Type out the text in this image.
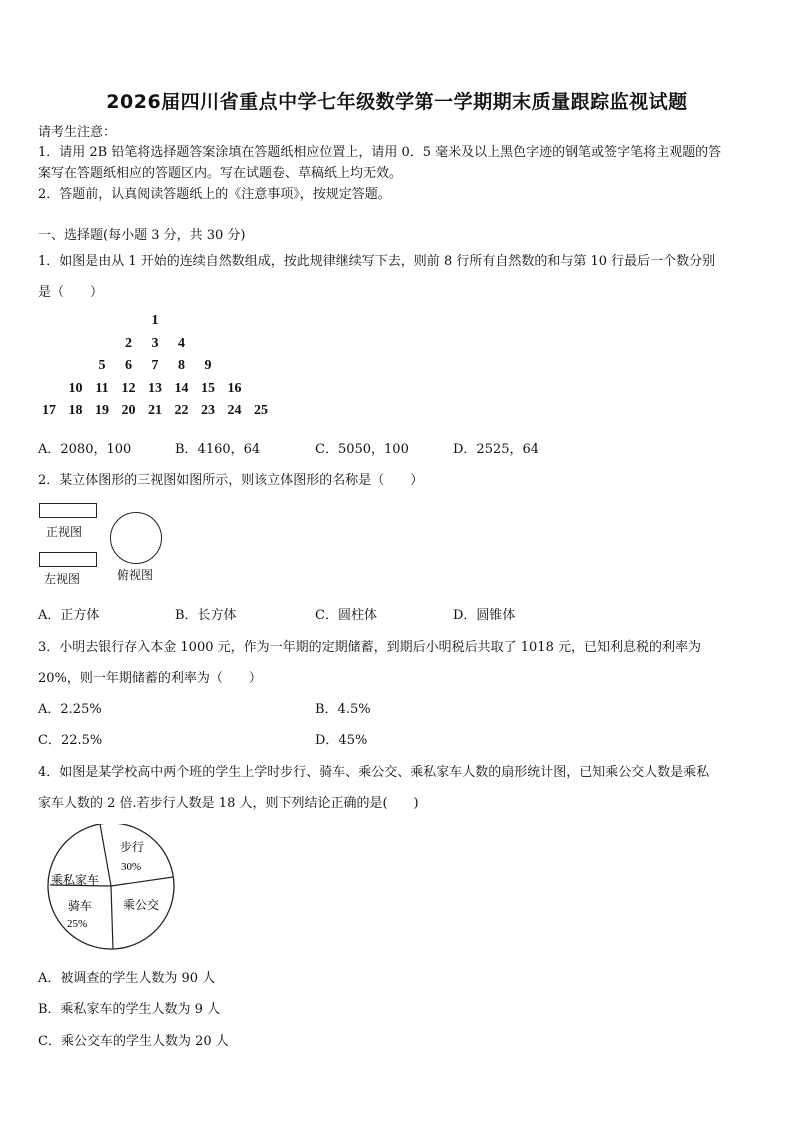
2026届四川省重点中学七年级数学第一学期期末质量跟踪监视试题
请考生注意：
1．请用 2B 铅笔将选择题答案涂填在答题纸相应位置上，请用 0．5 毫米及以上黑色字迹的钢笔或签字笔将主观题的答
案写在答题纸相应的答题区内。写在试题卷、草稿纸上均无效。
2．答题前，认真阅读答题纸上的《注意事项》，按规定答题。
一、选择题(每小题 3 分，共 30 分)
1．如图是由从 1 开始的连续自然数组成，按此规律继续写下去，则前 8 行所有自然数的和与第 10 行最后一个数分别
是（　　）
1
2	3	4
5	6	7	8	9
10 11 12 13 14 15 16
17 18 19 20 21 22 23 24 25
A．2080，100	B．4160，64	C．5050，100	D．2525，64
2．某立体图形的三视图如图所示，则该立体图形的名称是（　　）
正视图
左视图	俯视图
A．正方体	B．长方体	C．圆柱体	D．圆锥体
3．小明去银行存入本金 1000 元，作为一年期的定期储蓄，到期后小明税后共取了 1018 元，已知利息税的利率为
20%，则一年期储蓄的利率为（　　）
A．2.25%	B．4.5%
C．22.5%	D．45%
4．如图是某学校高中两个班的学生上学时步行、骑车、乘公交、乘私家车人数的扇形统计图，已知乘公交人数是乘私
家车人数的 2 倍.若步行人数是 18 人，则下列结论正确的是(　　)
步行
30%
乘私家车
乘公交
骑车
25%
A．被调查的学生人数为 90 人
B．乘私家车的学生人数为 9 人
C．乘公交车的学生人数为 20 人
